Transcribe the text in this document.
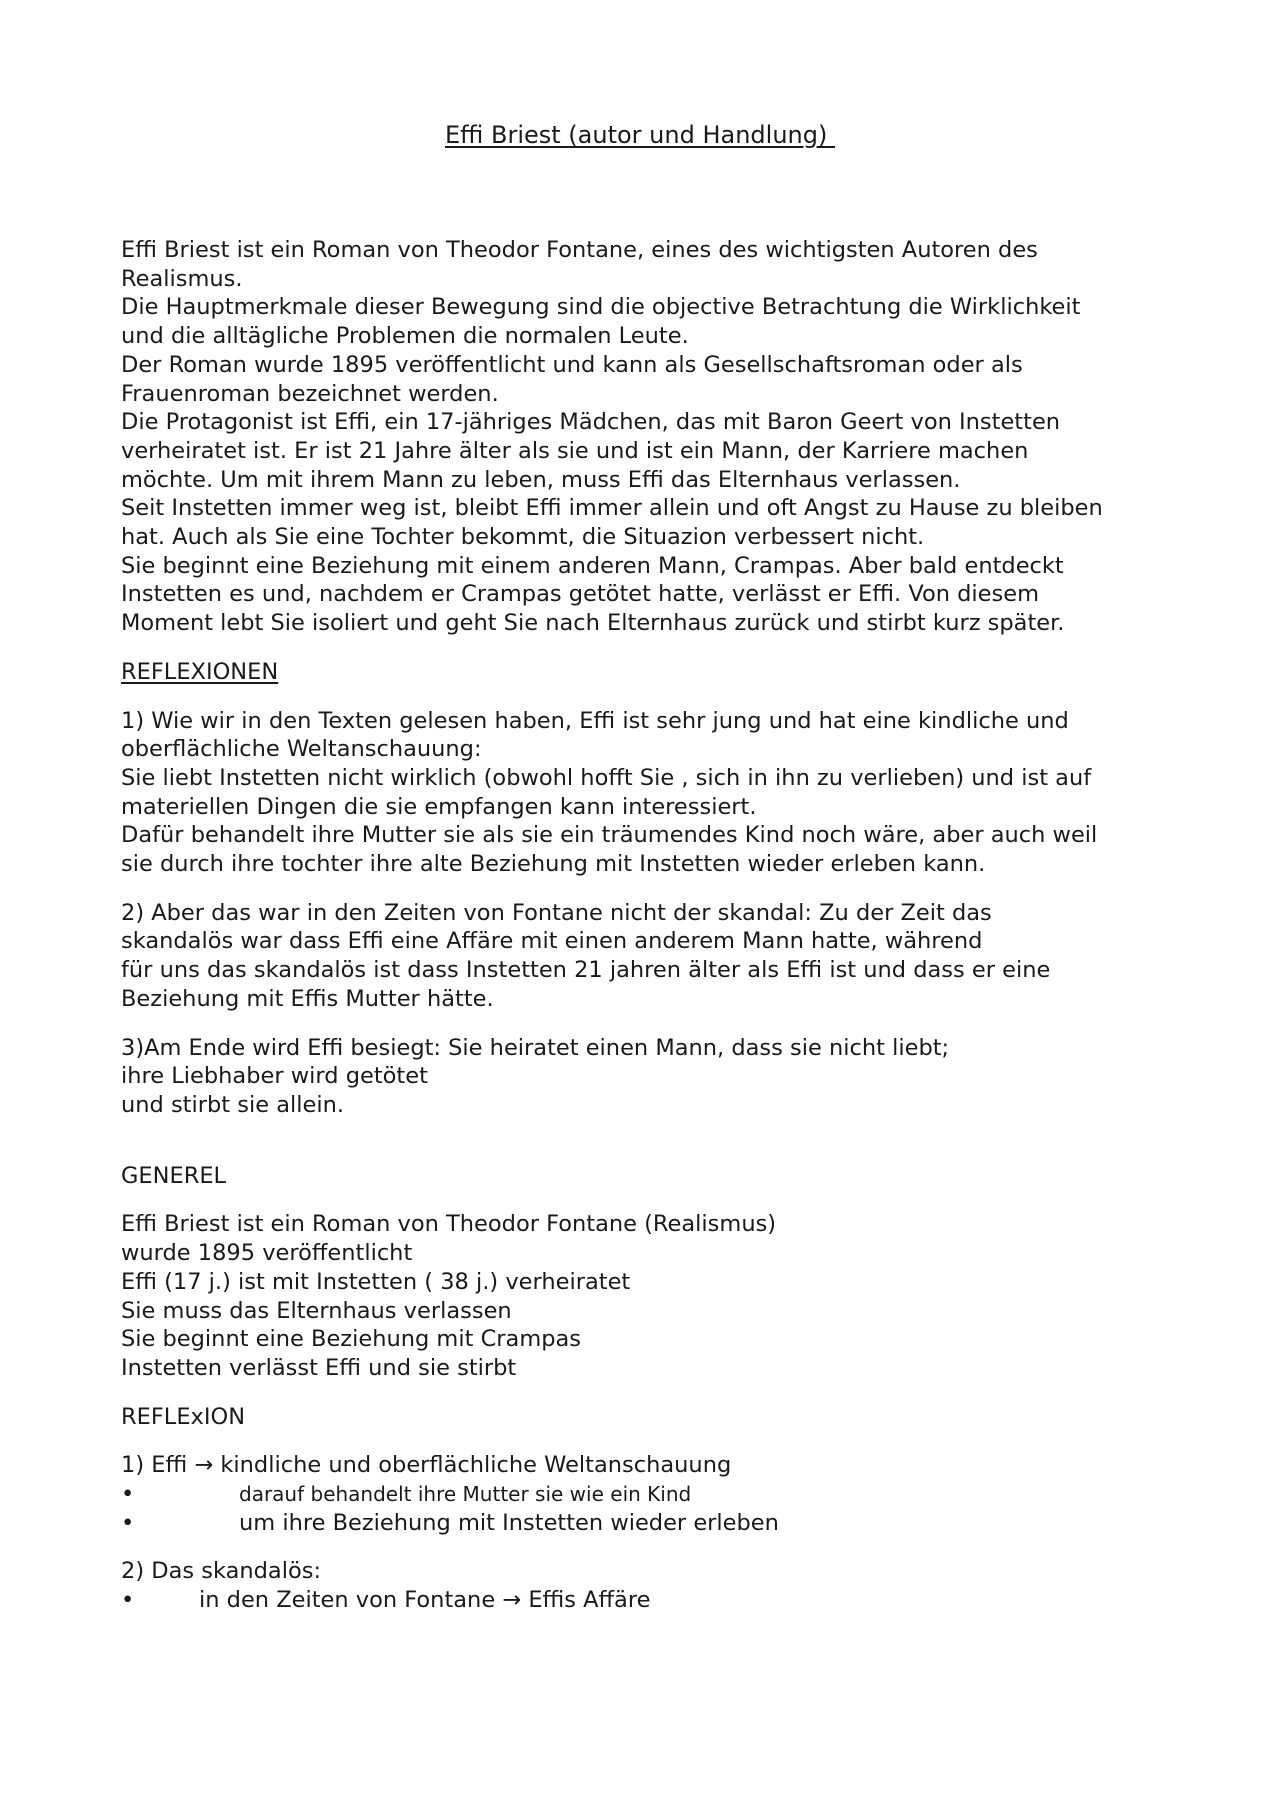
Effi Briest (autor und Handlung)
Effi Briest ist ein Roman von Theodor Fontane, eines des wichtigsten Autoren des
Realismus.
Die Hauptmerkmale dieser Bewegung sind die objective Betrachtung die Wirklichkeit
und die alltägliche Problemen die normalen Leute.
Der Roman wurde 1895 veröffentlicht und kann als Gesellschaftsroman oder als
Frauenroman bezeichnet werden.
Die Protagonist ist Effi, ein 17-jähriges Mädchen, das mit Baron Geert von Instetten
verheiratet ist. Er ist 21 Jahre älter als sie und ist ein Mann, der Karriere machen
möchte. Um mit ihrem Mann zu leben, muss Effi das Elternhaus verlassen.
Seit Instetten immer weg ist, bleibt Effi immer allein und oft Angst zu Hause zu bleiben
hat. Auch als Sie eine Tochter bekommt, die Situazion verbessert nicht.
Sie beginnt eine Beziehung mit einem anderen Mann, Crampas. Aber bald entdeckt
Instetten es und, nachdem er Crampas getötet hatte, verlässt er Effi. Von diesem
Moment lebt Sie isoliert und geht Sie nach Elternhaus zurück und stirbt kurz später.
REFLEXIONEN
1) Wie wir in den Texten gelesen haben, Effi ist sehr jung und hat eine kindliche und
oberflächliche Weltanschauung:
Sie liebt Instetten nicht wirklich (obwohl hofft Sie , sich in ihn zu verlieben) und ist auf
materiellen Dingen die sie empfangen kann interessiert.
Dafür behandelt ihre Mutter sie als sie ein träumendes Kind noch wäre, aber auch weil
sie durch ihre tochter ihre alte Beziehung mit Instetten wieder erleben kann.
2) Aber das war in den Zeiten von Fontane nicht der skandal: Zu der Zeit das
skandalös war dass Effi eine Affäre mit einen anderem Mann hatte, während
für uns das skandalös ist dass Instetten 21 jahren älter als Effi ist und dass er eine
Beziehung mit Effis Mutter hätte.
3)Am Ende wird Effi besiegt: Sie heiratet einen Mann, dass sie nicht liebt;
ihre Liebhaber wird getötet
und stirbt sie allein.
GENEREL
Effi Briest ist ein Roman von Theodor Fontane (Realismus)
wurde 1895 veröffentlicht
Effi (17 j.) ist mit Instetten ( 38 j.) verheiratet
Sie muss das Elternhaus verlassen
Sie beginnt eine Beziehung mit Crampas
Instetten verlässt Effi und sie stirbt
REFLExION
1) Effi → kindliche und oberflächliche Weltanschauung
•	darauf behandelt ihre Mutter sie wie ein Kind
•	um ihre Beziehung mit Instetten wieder erleben
2) Das skandalös:
•	in den Zeiten von Fontane → Effis Affäre
